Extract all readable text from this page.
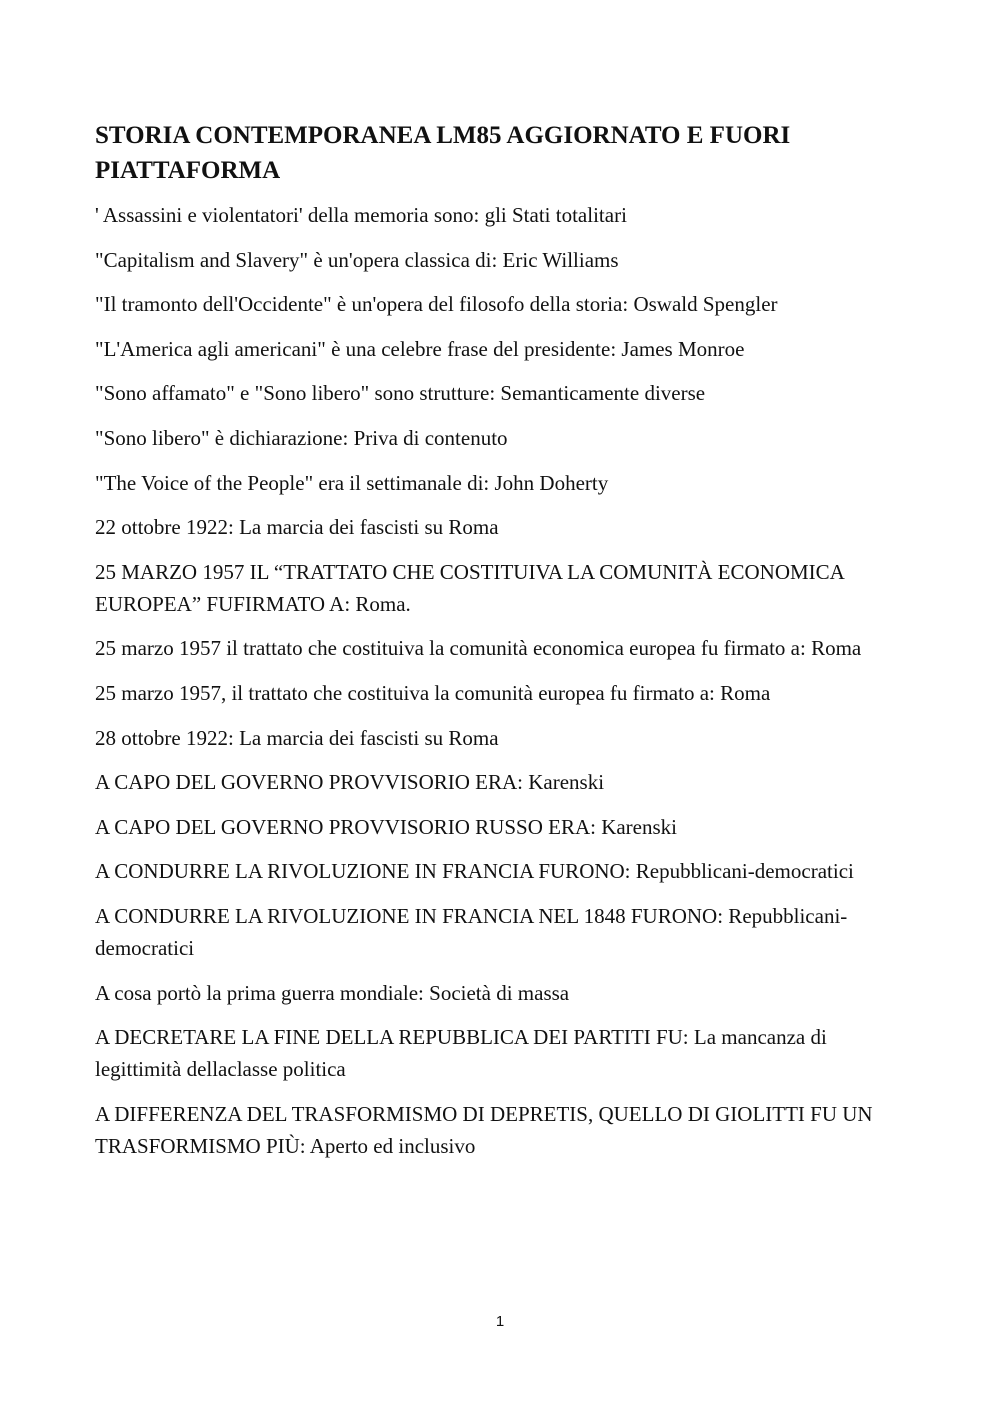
STORIA CONTEMPORANEA LM85 AGGIORNATO E FUORI PIATTAFORMA

' Assassini e violentatori' della memoria sono: gli Stati totalitari

"Capitalism and Slavery" è un'opera classica di: Eric Williams

"Il tramonto dell'Occidente" è un'opera del filosofo della storia: Oswald Spengler

"L'America agli americani" è una celebre frase del presidente: James Monroe

"Sono affamato" e "Sono libero" sono strutture: Semanticamente diverse

"Sono libero" è dichiarazione: Priva di contenuto

"The Voice of the People" era il settimanale di: John Doherty

22 ottobre 1922: La marcia dei fascisti su Roma

25 MARZO 1957 IL “TRATTATO CHE COSTITUIVA LA COMUNITÀ ECONOMICA EUROPEA” FUFIRMATO A: Roma.

25 marzo 1957 il trattato che costituiva la comunità economica europea fu firmato a: Roma

25 marzo 1957, il trattato che costituiva la comunità europea fu firmato a: Roma

28 ottobre 1922: La marcia dei fascisti su Roma

A CAPO DEL GOVERNO PROVVISORIO ERA: Karenski

A CAPO DEL GOVERNO PROVVISORIO RUSSO ERA: Karenski

A CONDURRE LA RIVOLUZIONE IN FRANCIA FURONO: Repubblicani-democratici

A CONDURRE LA RIVOLUZIONE IN FRANCIA NEL 1848 FURONO: Repubblicani-democratici

A cosa portò la prima guerra mondiale: Società di massa

A DECRETARE LA FINE DELLA REPUBBLICA DEI PARTITI FU: La mancanza di legittimità dellaclasse politica

A DIFFERENZA DEL TRASFORMISMO DI DEPRETIS, QUELLO DI GIOLITTI FU UN TRASFORMISMO PIÙ: Aperto ed inclusivo

1
